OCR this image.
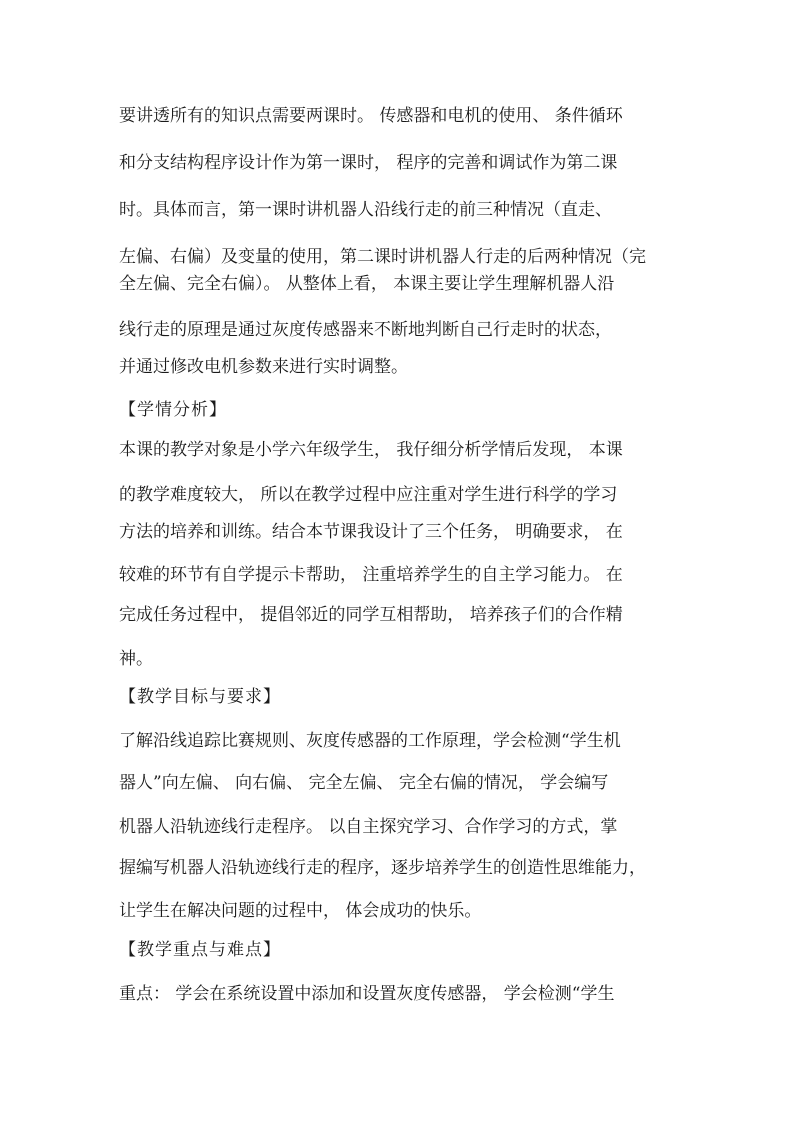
要讲透所有的知识点需要两课时。 传感器和电机的使用、 条件循环
和分支结构程序设计作为第一课时， 程序的完善和调试作为第二课
时。具体而言，第一课时讲机器人沿线行走的前三种情况（直走、
左偏、右偏）及变量的使用，第二课时讲机器人行走的后两种情况（完
全左偏、完全右偏）。 从整体上看， 本课主要让学生理解机器人沿
线行走的原理是通过灰度传感器来不断地判断自己行走时的状态，
并通过修改电机参数来进行实时调整。
【学情分析】
本课的教学对象是小学六年级学生， 我仔细分析学情后发现， 本课
的教学难度较大， 所以在教学过程中应注重对学生进行科学的学习
方法的培养和训练。结合本节课我设计了三个任务， 明确要求， 在
较难的环节有自学提示卡帮助， 注重培养学生的自主学习能力。 在
完成任务过程中， 提倡邻近的同学互相帮助， 培养孩子们的合作精
神。
【教学目标与要求】
了解沿线追踪比赛规则、灰度传感器的工作原理，学会检测“学生机
器人”向左偏、 向右偏、 完全左偏、 完全右偏的情况， 学会编写
机器人沿轨迹线行走程序。 以自主探究学习、合作学习的方式，掌
握编写机器人沿轨迹线行走的程序，逐步培养学生的创造性思维能力，
让学生在解决问题的过程中， 体会成功的快乐。
【教学重点与难点】
重点： 学会在系统设置中添加和设置灰度传感器， 学会检测“学生
